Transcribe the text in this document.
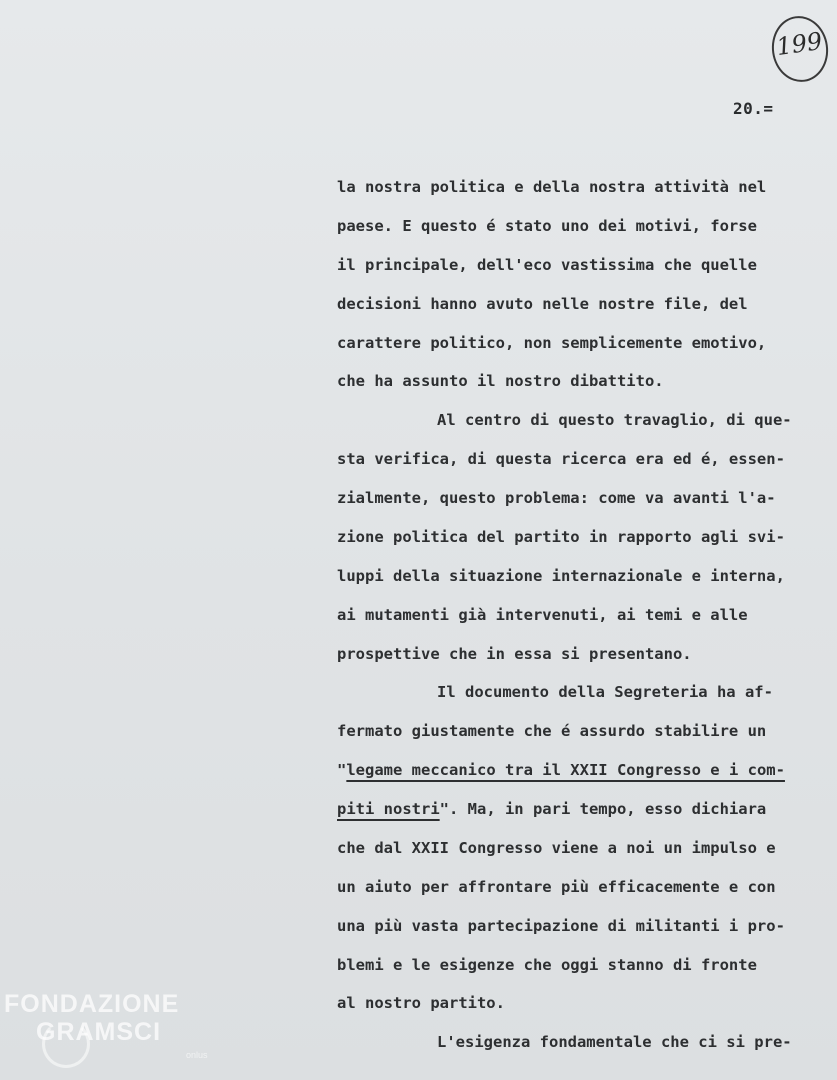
199
20.=
la nostra politica e della nostra attività nel
paese. E questo é stato uno dei motivi, forse
il principale, dell'eco vastissima che quelle
decisioni hanno avuto nelle nostre file, del
carattere politico, non semplicemente emotivo,
che ha assunto il nostro dibattito.
Al centro di questo travaglio, di que-
sta verifica, di questa ricerca era ed é, essen-
zialmente, questo problema: come va avanti l'a-
zione politica del partito in rapporto agli svi-
luppi della situazione internazionale e interna,
ai mutamenti già intervenuti, ai temi e alle
prospettive che in essa si presentano.
Il documento della Segreteria ha af-
fermato giustamente che é assurdo stabilire un
"legame meccanico tra il XXII Congresso e i com-
piti nostri". Ma, in pari tempo, esso dichiara
che dal XXII Congresso viene a noi un impulso e
un aiuto per affrontare più efficacemente e con
una più vasta partecipazione di militanti i pro-
blemi e le esigenze che oggi stanno di fronte
al nostro partito.
L'esigenza fondamentale che ci si pre-
FONDAZIONE
GRAMSCI
onlus
